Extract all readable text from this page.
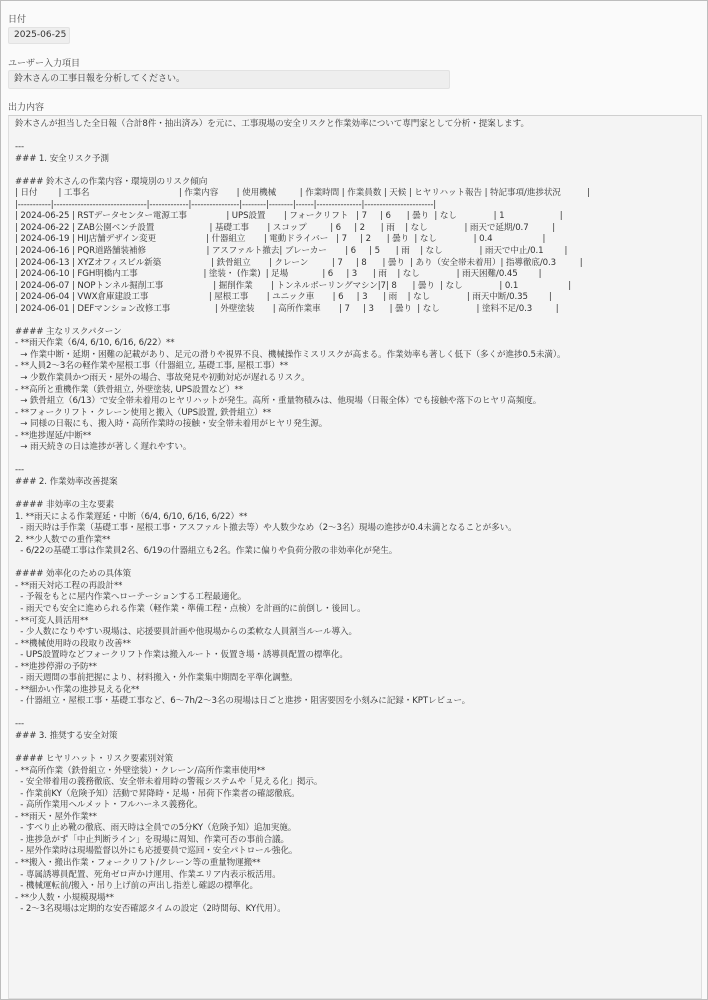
日付
2025-06-25
ユーザー入力項目
鈴木さんの工事日報を分析してください。
出力内容
鈴木さんが担当した全日報（合計8件・抽出済み）を元に、工事現場の安全リスクと作業効率について専門家として分析・提案します。

---
### 1. 安全リスク予測

#### 鈴木さんの作業内容・環境別のリスク傾向
| 日付        | 工事名                                  | 作業内容       | 使用機械         | 作業時間 | 作業員数 | 天候 | ヒヤリハット報告 | 特記事項/進捗状況          |
|-----------|-------------------------------|-------------|----------------|--------|--------|------|---------------|-----------------------|
| 2024-06-25 | RSTデータセンター電源工事               | UPS設置       | フォークリフト   | 7     | 6      | 曇り  | なし              | 1                     |
| 2024-06-22 | ZAB公園ベンチ設置                     | 基礎工事       | スコップ         | 6     | 2      | 雨    | なし              | 雨天で延期/0.7         |
| 2024-06-19 | HIJ店舗デザイン変更                   | 什器組立       | 電動ドライバー   | 7     | 2      | 曇り  | なし              | 0.4                   |
| 2024-06-16 | PQR道路舗装補修                       | アスファルト撤去| ブレーカー       | 6     | 5      | 雨    | なし              | 雨天で中止/0.1        |
| 2024-06-13 | XYZオフィスビル新築                   | 鉄骨組立       | クレーン         | 7     | 8      | 曇り  | あり（安全帯未着用）| 指導徹底/0.3         |
| 2024-06-10 | FGH明橋内工事                         | 塗装・ (作業)  | 足場             | 6     | 3      | 雨    | なし              | 雨天困難/0.45        |
| 2024-06-07 | NOPトンネル掘削工事                   | 掘削作業       | トンネルボーリングマシン|7| 8      | 曇り  | なし              | 0.1                   |
| 2024-06-04 | VWX倉庫建設工事                       | 屋根工事       | ユニック車       | 6     | 3      | 雨    | なし              | 雨天中断/0.35        |
| 2024-06-01 | DEFマンション改修工事                 | 外壁塗装       | 高所作業車       | 7     | 3      | 曇り  | なし              | 塗料不足/0.3         |

#### 主なリスクパターン
- **雨天作業（6/4, 6/10, 6/16, 6/22）**
→ 作業中断・延期・困難の記載があり、足元の滑りや視界不良、機械操作ミスリスクが高まる。作業効率も著しく低下（多くが進捗0.5未満）。
- **人員2〜3名の軽作業や屋根工事（什器組立, 基礎工事, 屋根工事）**
→ 少数作業員かつ雨天・屋外の場合、事故発見や初動対応が遅れるリスク。
- **高所と重機作業（鉄骨組立, 外壁塗装, UPS設置など）**
→ 鉄骨組立（6/13）で安全帯未着用のヒヤリハットが発生。高所・重量物積みは、他現場（日報全体）でも接触や落下のヒヤリ高頻度。
- **フォークリフト・クレーン使用と搬入（UPS設置, 鉄骨組立）**
→ 同様の日報にも、搬入時・高所作業時の接触・安全帯未着用がヒヤリ発生源。
- **進捗遅延/中断**
→ 雨天続きの日は進捗が著しく遅れやすい。

---
### 2. 作業効率改善提案

#### 非効率の主な要素
1. **雨天による作業遅延・中断（6/4, 6/10, 6/16, 6/22）**
- 雨天時は手作業（基礎工事・屋根工事・アスファルト撤去等）や人数少なめ（2〜3名）現場の進捗が0.4未満となることが多い。
2. **少人数での重作業**
- 6/22の基礎工事は作業員2名、6/19の什器組立も2名。作業に偏りや負荷分散の非効率化が発生。

#### 効率化のための具体策
- **雨天対応工程の再設計**
- 予報をもとに屋内作業へローテーションする工程最適化。
- 雨天でも安全に進められる作業（軽作業・準備工程・点検）を計画的に前倒し・後回し。
- **可変人員活用**
- 少人数になりやすい現場は、応援要員計画や他現場からの柔軟な人員割当ルール導入。
- **機械使用時の段取り改善**
- UPS設置時などフォークリフト作業は搬入ルート・仮置き場・誘導員配置の標準化。
- **進捗停滞の予防**
- 雨天週間の事前把握により、材料搬入・外作業集中期間を平準化調整。
- **細かい作業の進捗見える化**
- 什器組立・屋根工事・基礎工事など、6〜7h/2〜3名の現場は日ごと進捗・阻害要因を小刻みに記録・KPTレビュー。

---
### 3. 推奨する安全対策

#### ヒヤリハット・リスク要素別対策
- **高所作業（鉄骨組立・外壁塗装）・クレーン/高所作業車使用**
- 安全帯着用の義務徹底、安全帯未着用時の警報システムや「見える化」掲示。
- 作業前KY（危険予知）活動で昇降時・足場・吊荷下作業者の確認徹底。
- 高所作業用ヘルメット・フルハーネス義務化。
- **雨天・屋外作業**
- すべり止め靴の徹底、雨天時は全員での5分KY（危険予知）追加実施。
- 進捗急がず「中止判断ライン」を現場に周知、作業可否の事前合議。
- 屋外作業時は現場監督以外にも応援要員で巡回・安全パトロール強化。
- **搬入・搬出作業・フォークリフト/クレーン等の重量物運搬**
- 専属誘導員配置、死角ゼロ声かけ運用、作業エリア内表示板活用。
- 機械運転前/搬入・吊り上げ前の声出し指差し確認の標準化。
- **少人数・小規模現場**
- 2〜3名現場は定期的な安否確認タイムの設定（2時間毎、KY代用）。
